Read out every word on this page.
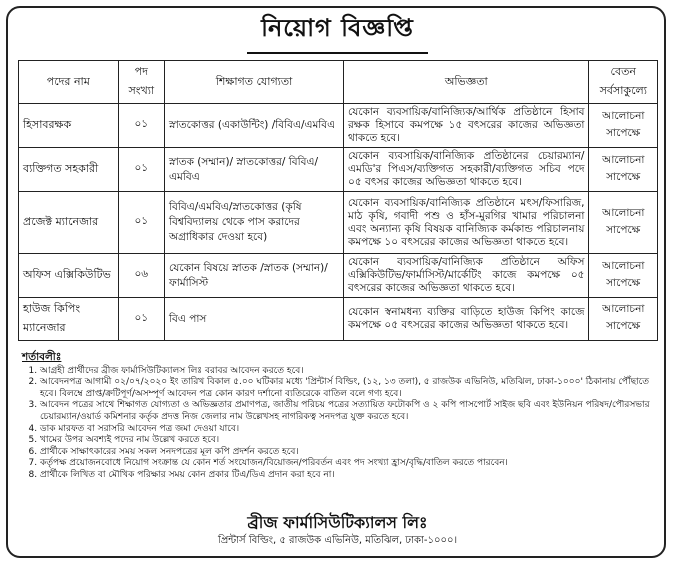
নিয়োগ বিজ্ঞপ্তি
পদের নাম	পদ সংখ্যা	শিক্ষাগত যোগ্যতা	অভিজ্ঞতা	বেতন সর্বসাকুল্যে
হিসাবরক্ষক	০১	স্নাতকোত্তর (একাউন্টিং) /বিবিএ/এমবিএ	যেকোন ব্যবসায়িক/বানিজ্যিক/আর্থিক প্রতিষ্ঠানে হিসাব রক্ষক হিসাবে কমপক্ষে ১৫ বৎসরের কাজের অভিজ্ঞতা থাকতে হবে।	আলোচনা সাপেক্ষে
ব্যক্তিগত সহকারী	০১	স্নাতক (সম্মান)/ স্নাতকোত্তর/ বিবিএ/এমবিএ	যেকোন ব্যবসায়িক/বানিজ্যিক প্রতিষ্ঠানের চেয়ারম্যান/এমডি'র পিএস/ব্যক্তিগত সহকারী/ব্যক্তিগত সচিব পদে ০৫ বৎসর কাজের অভিজ্ঞতা থাকতে হবে।	আলোচনা সাপেক্ষে
প্রজেক্ট ম্যানেজার	০১	বিবিএ/এমবিএ/স্নাতকোত্তর (কৃষি বিশ্ববিদ্যালয় থেকে পাস করাদের অগ্রাধিকার দেওয়া হবে)	যেকোন ব্যবসায়িক/বানিজ্যিক প্রতিষ্ঠানে মৎস/ফিসারিজ, মাঠ কৃষি, গবাদী পশু ও হাঁস-মুরগির খামার পরিচালনা এবং অন্যান্য কৃষি বিষয়ক বানিজ্যিক কর্মকান্ড পরিচালনায় কমপক্ষে ১০ বৎসরের কাজের অভিজ্ঞতা থাকতে হবে।	আলোচনা সাপেক্ষে
অফিস এক্সিকিউটিভ	০৬	যেকোন বিষয়ে স্নাতক /স্নাতক (সম্মান)/ফার্মাসিস্ট	যেকোন ব্যবসায়িক/বানিজ্যিক প্রতিষ্ঠানে অফিস এক্সিকিউটিভ/ফার্মাসিস্ট/মার্কেটিং কাজে কমপক্ষে ০৫ বৎসরের কাজের অভিজ্ঞতা থাকতে হবে।	আলোচনা সাপেক্ষে
হাউজ কিপিং ম্যানেজার	০১	বিএ পাস	যেকোন স্বনামধন্য ব্যক্তির বাড়িতে হাউজ কিপিং কাজে কমপক্ষে ০৫ বৎসরের কাজের অভিজ্ঞতা থাকতে হবে।	আলোচনা সাপেক্ষে
শর্তাবলীঃ
1. আগ্রহী প্রার্থীদের ব্রীজ ফার্মাসিউটিক্যালস লিঃ বরাবর আবেদন করতে হবে।
2. আবেদনপত্র আগামী ০২/০৭/২০২০ ইং তারিখ বিকাল ৫.০০ ঘটিকার মধ্যে 'প্রিন্টার্স বিল্ডিং, (১২, ১৩ তলা), ৫ রাজউক এভিনিউ, মতিঝিল, ঢাকা-১০০০' ঠিকানায় পৌঁছাতে হবে। বিলম্বে প্রাপ্ত/ক্রটিপূর্ণ/অসম্পূর্ণ আবেদন পত্র কোন কারণ দর্শানো ব্যতিরেকে বাতিল বলে গণ্য হবে।
3. আবেদন পত্রের সাথে শিক্ষাগত যোগ্যতা ও অভিজ্ঞতার প্রমাণপত্র, জাতীয় পরিচয় পত্রের সত্যায়িত ফটোকপি ও ২ কপি পাসপোর্ট সাইজ ছবি এবং ইউনিয়ন পরিষদ/পৌরসভার চেয়ারম্যান/ওয়ার্ড কমিশনার কর্তৃক প্রদত্ত নিজ জেলার নাম উল্লেখসহ নাগরিকত্ব সনদপত্র যুক্ত করতে হবে।
4. ডাক মারফত বা সরাসরি আবেদন পত্র জমা দেওয়া যাবে।
5. খামের উপর অবশ্যই পদের নাম উল্লেখ করতে হবে।
6. প্রার্থীকে সাক্ষাৎকারের সময় সকল সনদপত্রের মূল কপি প্রদর্শন করতে হবে।
7. কর্তৃপক্ষ প্রয়োজনবোধে নিয়োগ সংক্রান্ত যে কোন শর্ত সংযোজন/বিয়োজন/পরিবর্তন এবং পদ সংখ্যা হ্রাস/বৃদ্ধি/বাতিল করতে পারবেন।
8. প্রার্থীকে লিখিত বা মৌখিক পরিক্ষার সময় কোন প্রকার টিএ/ডিএ প্রদান করা হবে না।
ব্রীজ ফার্মাসিউটিক্যালস লিঃ
প্রিন্টার্স বিল্ডিং, ৫ রাজউক এভিনিউ, মতিঝিল, ঢাকা-১০০০।
